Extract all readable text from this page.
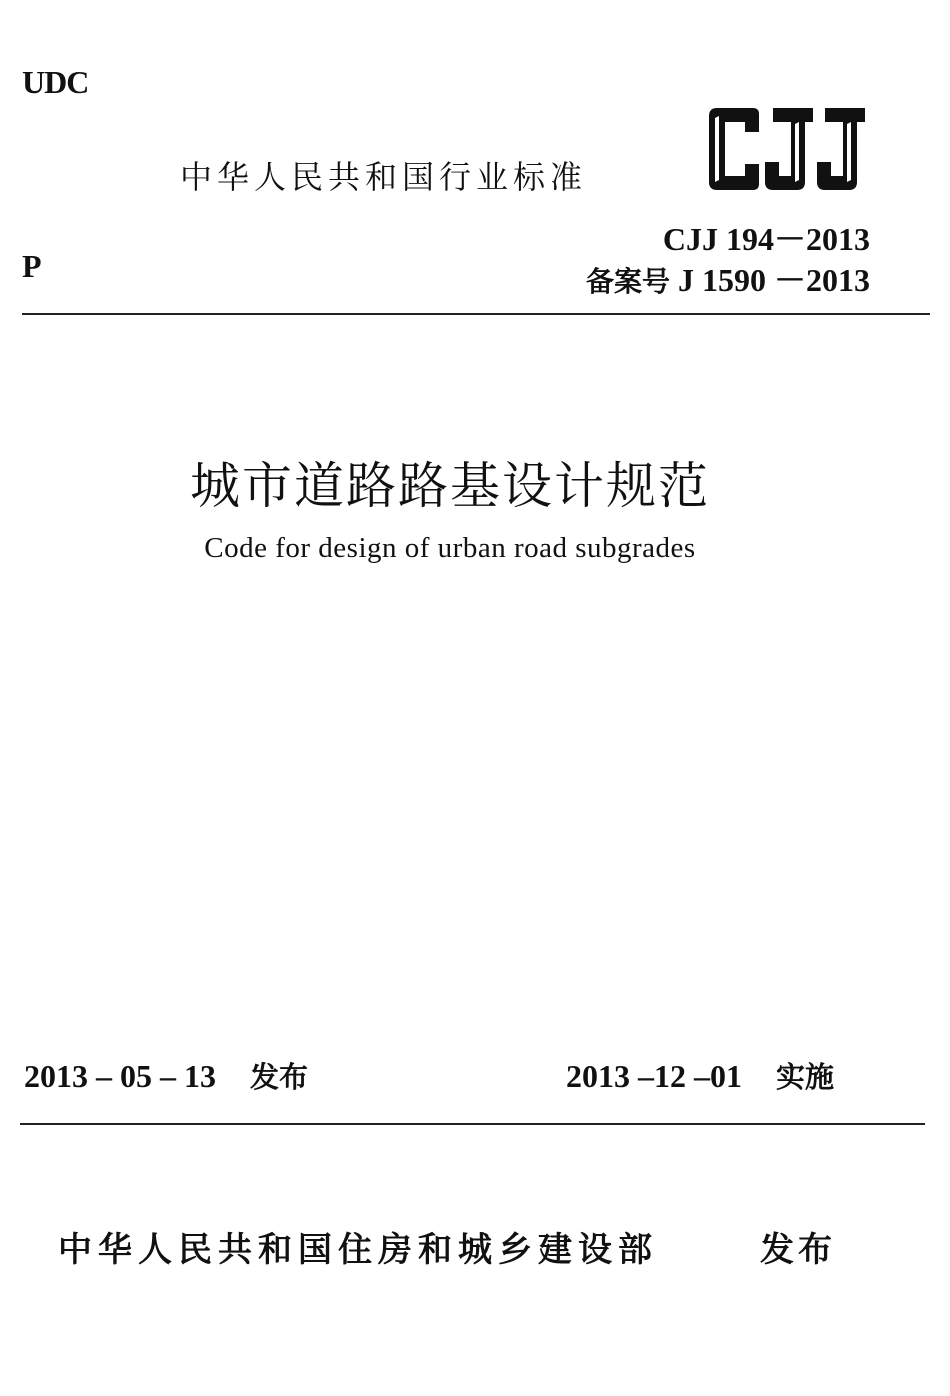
UDC
中华人民共和国行业标准
CJJ 194－2013
P	备案号 J 1590 －2013
城市道路路基设计规范
Code for design of urban road subgrades
2013 – 05 – 13 发布	2013 –12 –01 实施
中华人民共和国住房和城乡建设部	发布
